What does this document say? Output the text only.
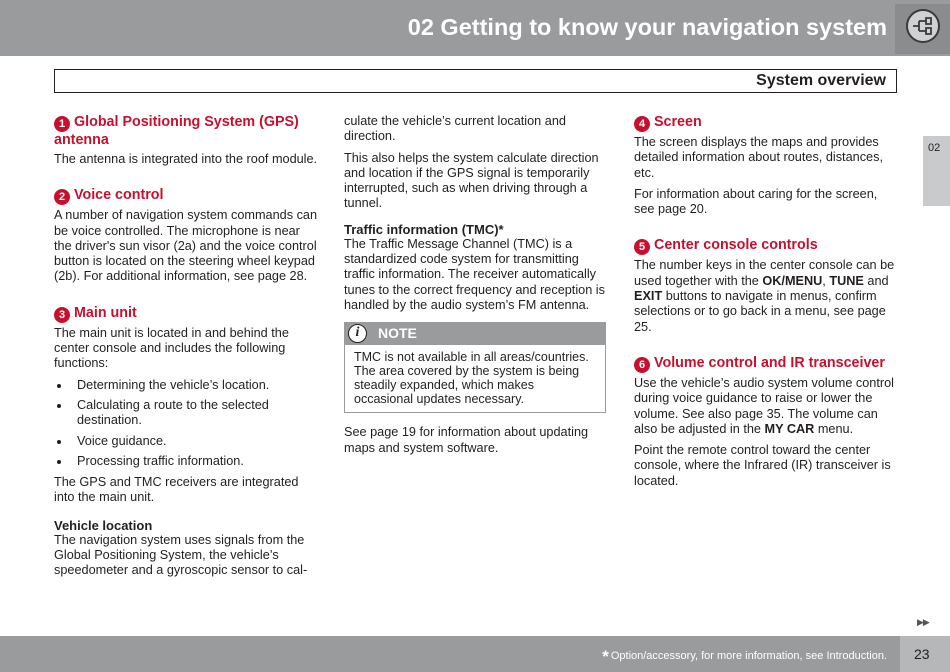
02 Getting to know your navigation system
System overview
02
1 Global Positioning System (GPS) antenna

The antenna is integrated into the roof module.

2 Voice control

A number of navigation system commands can be voice controlled. The microphone is near the driver's sun visor (2a) and the voice control button is located on the steering wheel keypad (2b). For additional information, see page 28.

3 Main unit

The main unit is located in and behind the center console and includes the following functions:

Determining the vehicle’s location.
Calculating a route to the selected destination.
Voice guidance.
Processing traffic information.

The GPS and TMC receivers are integrated into the main unit.

Vehicle location

The navigation system uses signals from the Global Positioning System, the vehicle’s speedometer and a gyroscopic sensor to cal-

culate the vehicle’s current location and direction.

This also helps the system calculate direction and location if the GPS signal is temporarily interrupted, such as when driving through a tunnel.

Traffic information (TMC)*

The Traffic Message Channel (TMC) is a standardized code system for transmitting traffic information. The receiver automatically tunes to the correct frequency and reception is handled by the audio system’s FM antenna.

i	NOTE
TMC is not available in all areas/countries. The area covered by the system is being steadily expanded, which makes occasional updates necessary.

See page 19 for information about updating maps and system software.

4 Screen

The screen displays the maps and provides detailed information about routes, distances, etc.

For information about caring for the screen, see page 20.

5 Center console controls

The number keys in the center console can be used together with the OK/MENU, TUNE and EXIT buttons to navigate in menus, confirm selections or to go back in a menu, see page 25.

6 Volume control and IR transceiver

Use the vehicle’s audio system volume control during voice guidance to raise or lower the volume. See also page 35. The volume can also be adjusted in the MY CAR menu.

Point the remote control toward the center console, where the Infrared (IR) transceiver is located.

▶▶
* Option/accessory, for more information, see Introduction. 23
